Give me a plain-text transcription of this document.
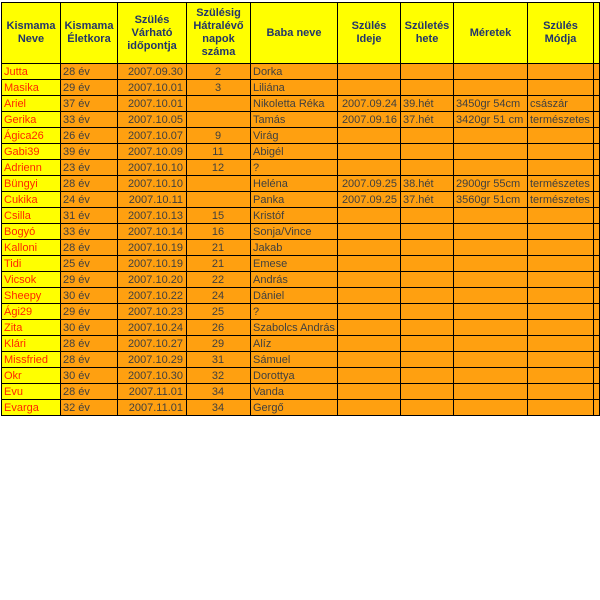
Kismama Neve	Kismama Életkora	Szülés Várható időpontja	Szülésig Hátralévő napok száma	Baba neve	Szülés Ideje	Születés hete	Méretek	Szülés Módja	
Jutta	28 év	2007.09.30	2	Dorka					
Masika	29 év	2007.10.01	3	Liliána					
Ariel	37 év	2007.10.01		Nikoletta Réka	2007.09.24	39.hét	3450gr 54cm	császár	
Gerika	33 év	2007.10.05		Tamás	2007.09.16	37.hét	3420gr 51 cm	természetes	
Ágica26	26 év	2007.10.07	9	Virág					
Gabi39	39 év	2007.10.09	11	Abigél					
Adrienn	23 év	2007.10.10	12	?					
Büngyi	28 év	2007.10.10		Heléna	2007.09.25	38.hét	2900gr 55cm	természetes	
Cukika	24 év	2007.10.11		Panka	2007.09.25	37.hét	3560gr 51cm	természetes	
Csilla	31 év	2007.10.13	15	Kristóf					
Bogyó	33 év	2007.10.14	16	Sonja/Vince					
Kalloni	28 év	2007.10.19	21	Jakab					
Tidi	25 év	2007.10.19	21	Emese					
Vicsok	29 év	2007.10.20	22	András					
Sheepy	30 év	2007.10.22	24	Dániel					
Ági29	29 év	2007.10.23	25	?					
Zita	30 év	2007.10.24	26	Szabolcs András					
Klári	28 év	2007.10.27	29	Alíz					
Missfried	28 év	2007.10.29	31	Sámuel					
Okr	30 év	2007.10.30	32	Dorottya					
Evu	28 év	2007.11.01	34	Vanda					
Evarga	32 év	2007.11.01	34	Gergő					
